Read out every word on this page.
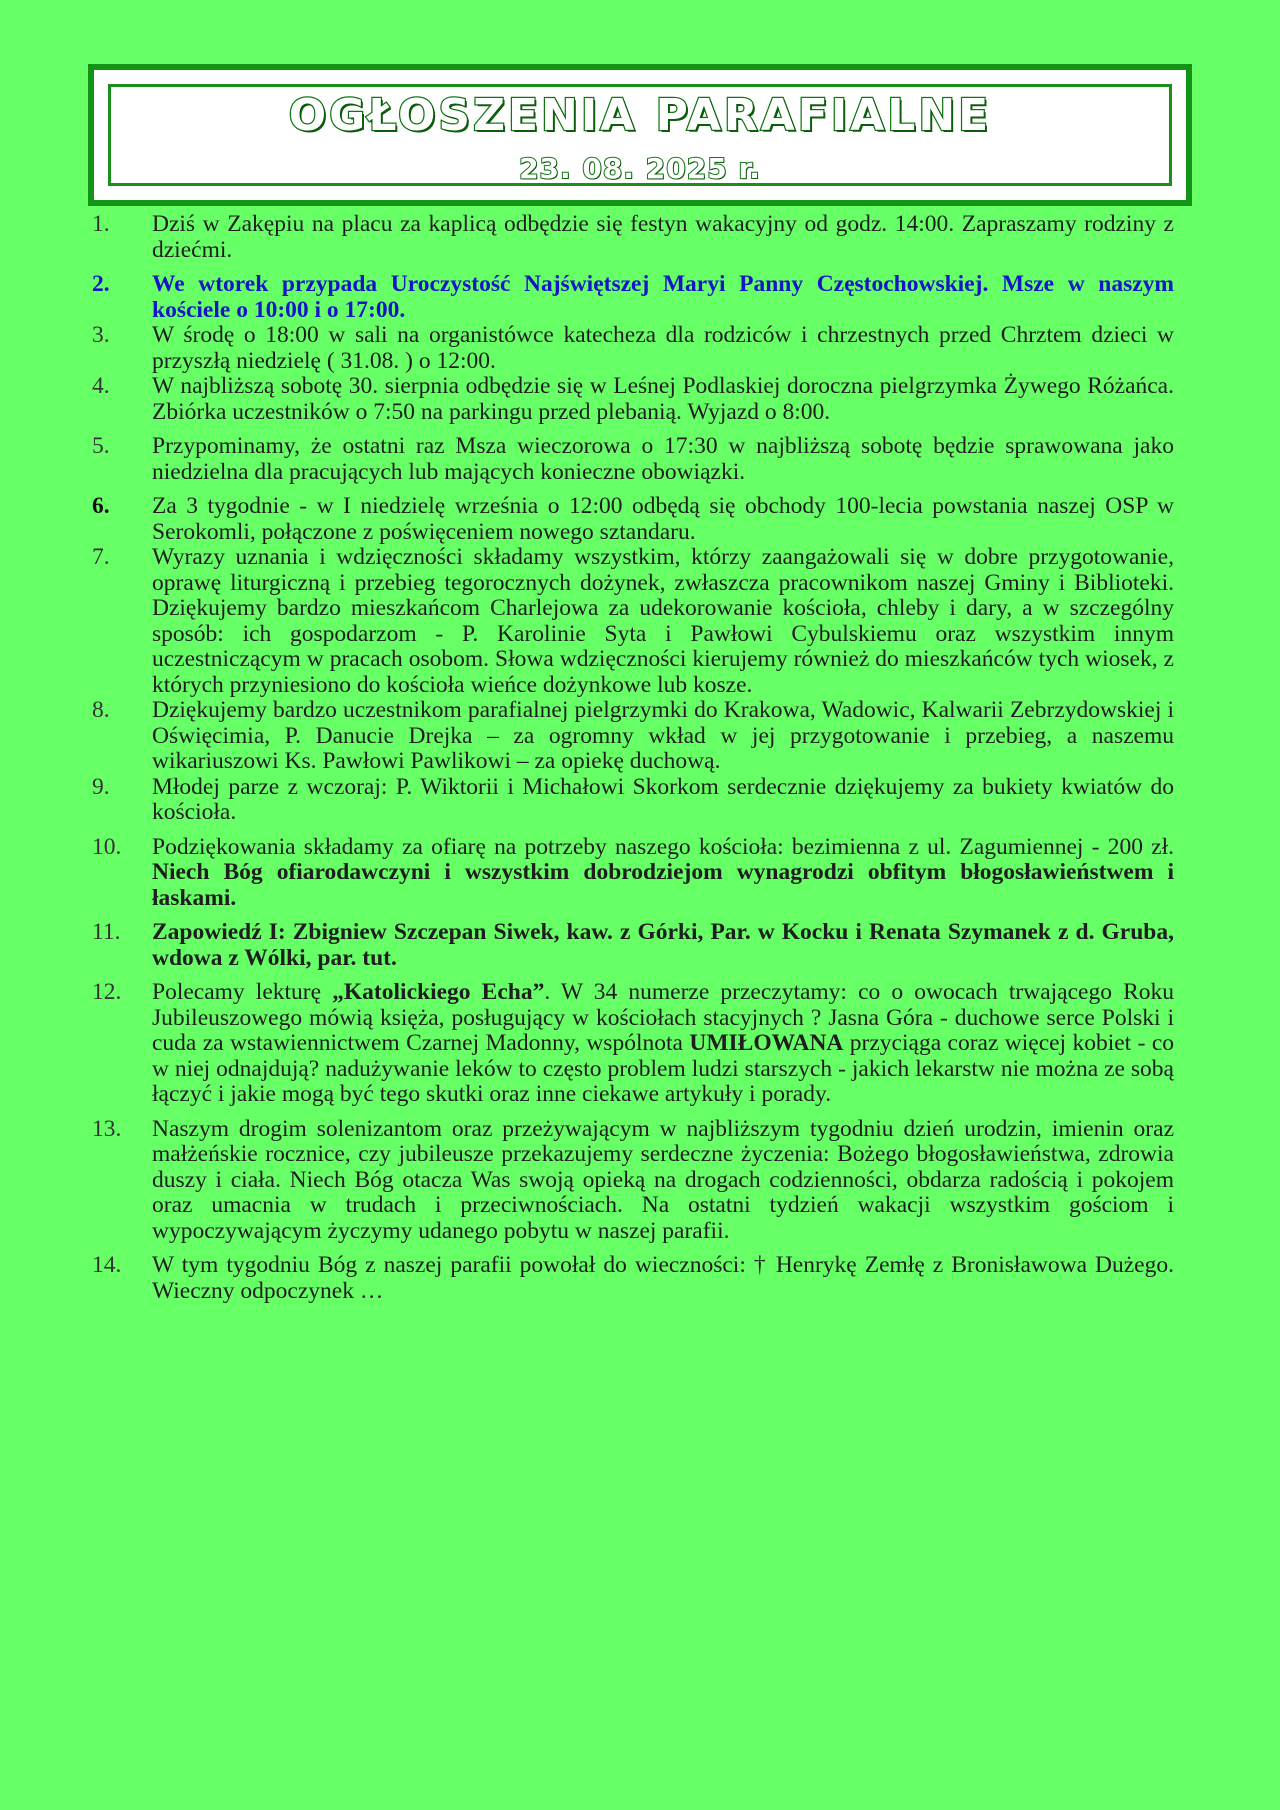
OGŁOSZENIA PARAFIALNE
23. 08. 2025 r.
1.	Dziś w Zakępiu na placu za kaplicą odbędzie się festyn wakacyjny od godz. 14:00. Zapraszamy rodziny z dziećmi.
2.	We wtorek przypada Uroczystość Najświętszej Maryi Panny Częstochowskiej. Msze w naszym kościele o 10:00 i o 17:00.
3.	W środę o 18:00 w sali na organistówce katecheza dla rodziców i chrzestnych przed Chrztem dzieci w przyszłą niedzielę ( 31.08. ) o 12:00.
4.	W najbliższą sobotę 30. sierpnia odbędzie się w Leśnej Podlaskiej doroczna pielgrzymka Żywego Różańca. Zbiórka uczestników o 7:50 na parkingu przed plebanią. Wyjazd o 8:00.
5.	Przypominamy, że ostatni raz Msza wieczorowa o 17:30 w najbliższą sobotę będzie sprawowana jako niedzielna dla pracujących lub mających konieczne obowiązki.
6.	Za 3 tygodnie - w I niedzielę września o 12:00 odbędą się obchody 100-lecia powstania naszej OSP w Serokomli, połączone z poświęceniem nowego sztandaru.
7.	Wyrazy uznania i wdzięczności składamy wszystkim, którzy zaangażowali się w dobre przygotowanie, oprawę liturgiczną i przebieg tegorocznych dożynek, zwłaszcza pracownikom naszej Gminy i Biblioteki. Dziękujemy bardzo mieszkańcom Charlejowa za udekorowanie kościoła, chleby i dary, a w szczególny sposób: ich gospodarzom - P. Karolinie Syta i Pawłowi Cybulskiemu oraz wszystkim innym uczestniczącym w pracach osobom. Słowa wdzięczności kierujemy również do mieszkańców tych wiosek, z których przyniesiono do kościoła wieńce dożynkowe lub kosze.
8.	Dziękujemy bardzo uczestnikom parafialnej pielgrzymki do Krakowa, Wadowic, Kalwarii Zebrzydowskiej i Oświęcimia, P. Danucie Drejka – za ogromny wkład w jej przygotowanie i przebieg, a naszemu wikariuszowi Ks. Pawłowi Pawlikowi – za opiekę duchową.
9.	Młodej parze z wczoraj: P. Wiktorii i Michałowi Skorkom serdecznie dziękujemy za bukiety kwiatów do kościoła.
10.	Podziękowania składamy za ofiarę na potrzeby naszego kościoła: bezimienna z ul. Zagumiennej - 200 zł. Niech Bóg ofiarodawczyni i wszystkim dobrodziejom wynagrodzi obfitym błogosławieństwem i łaskami.
11.	Zapowiedź I: Zbigniew Szczepan Siwek, kaw. z Górki, Par. w Kocku i Renata Szymanek z d. Gruba, wdowa z Wólki, par. tut.
12.	Polecamy lekturę „Katolickiego Echa”. W 34 numerze przeczytamy: co o owocach trwającego Roku Jubileuszowego mówią księża, posługujący w kościołach stacyjnych ? Jasna Góra - duchowe serce Polski i cuda za wstawiennictwem Czarnej Madonny, wspólnota UMIŁOWANA przyciąga coraz więcej kobiet - co w niej odnajdują? nadużywanie leków to często problem ludzi starszych - jakich lekarstw nie można ze sobą łączyć i jakie mogą być tego skutki oraz inne ciekawe artykuły i porady.
13.	Naszym drogim solenizantom oraz przeżywającym w najbliższym tygodniu dzień urodzin, imienin oraz małżeńskie rocznice, czy jubileusze przekazujemy serdeczne życzenia: Bożego błogosławieństwa, zdrowia duszy i ciała. Niech Bóg otacza Was swoją opieką na drogach codzienności, obdarza radością i pokojem oraz umacnia w trudach i przeciwnościach. Na ostatni tydzień wakacji wszystkim gościom i wypoczywającym życzymy udanego pobytu w naszej parafii.
14.	W tym tygodniu Bóg z naszej parafii powołał do wieczności: † Henrykę Zemłę z Bronisławowa Dużego. Wieczny odpoczynek …
